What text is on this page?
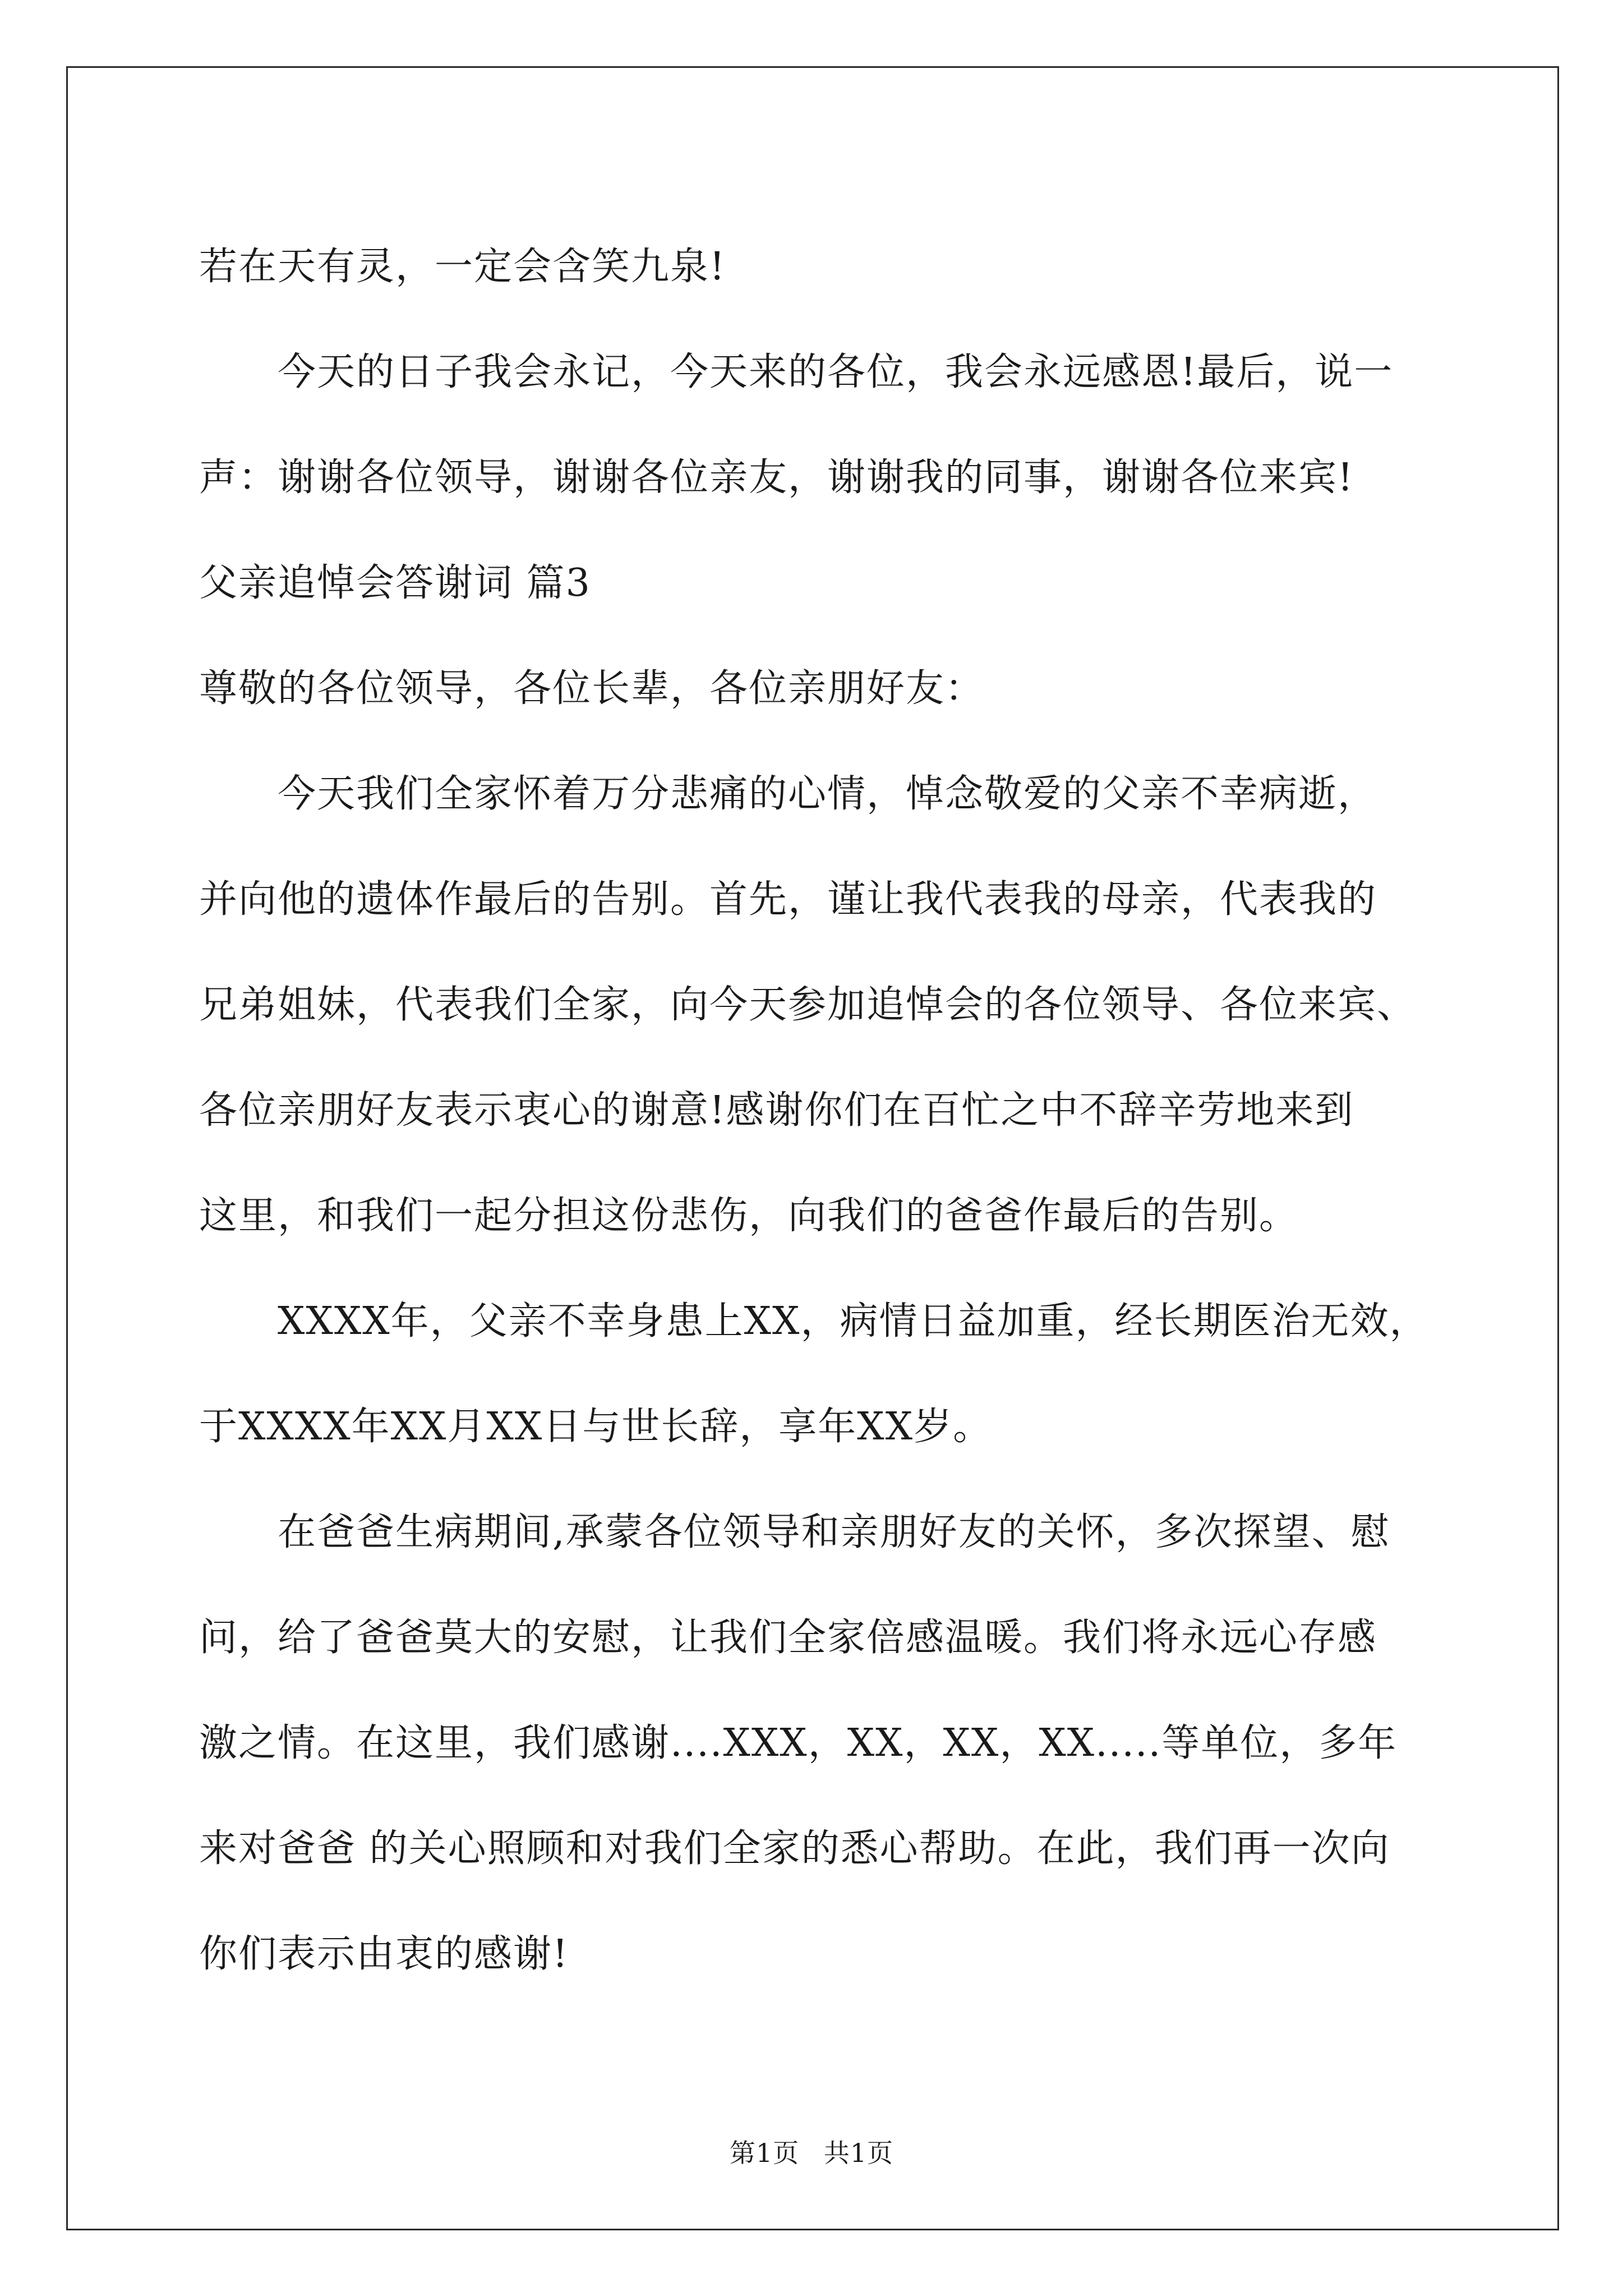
若在天有灵，一定会含笑九泉!
今天的日子我会永记，今天来的各位，我会永远感恩!最后，说一
声：谢谢各位领导，谢谢各位亲友，谢谢我的同事，谢谢各位来宾!
父亲追悼会答谢词 篇3
尊敬的各位领导，各位长辈，各位亲朋好友：
今天我们全家怀着万分悲痛的心情，悼念敬爱的父亲不幸病逝，
并向他的遗体作最后的告别。首先，谨让我代表我的母亲，代表我的
兄弟姐妹，代表我们全家，向今天参加追悼会的各位领导、各位来宾、
各位亲朋好友表示衷心的谢意!感谢你们在百忙之中不辞辛劳地来到
这里，和我们一起分担这份悲伤，向我们的爸爸作最后的告别。
XXXX年，父亲不幸身患上XX，病情日益加重，经长期医治无效，
于XXXX年XX月XX日与世长辞，享年XX岁。
在爸爸生病期间,承蒙各位领导和亲朋好友的关怀，多次探望、慰
问，给了爸爸莫大的安慰，让我们全家倍感温暖。我们将永远心存感
激之情。在这里，我们感谢....XXX，XX，XX，XX.....等单位，多年
来对爸爸 的关心照顾和对我们全家的悉心帮助。在此，我们再一次向
你们表示由衷的感谢!
第1页 共1页
